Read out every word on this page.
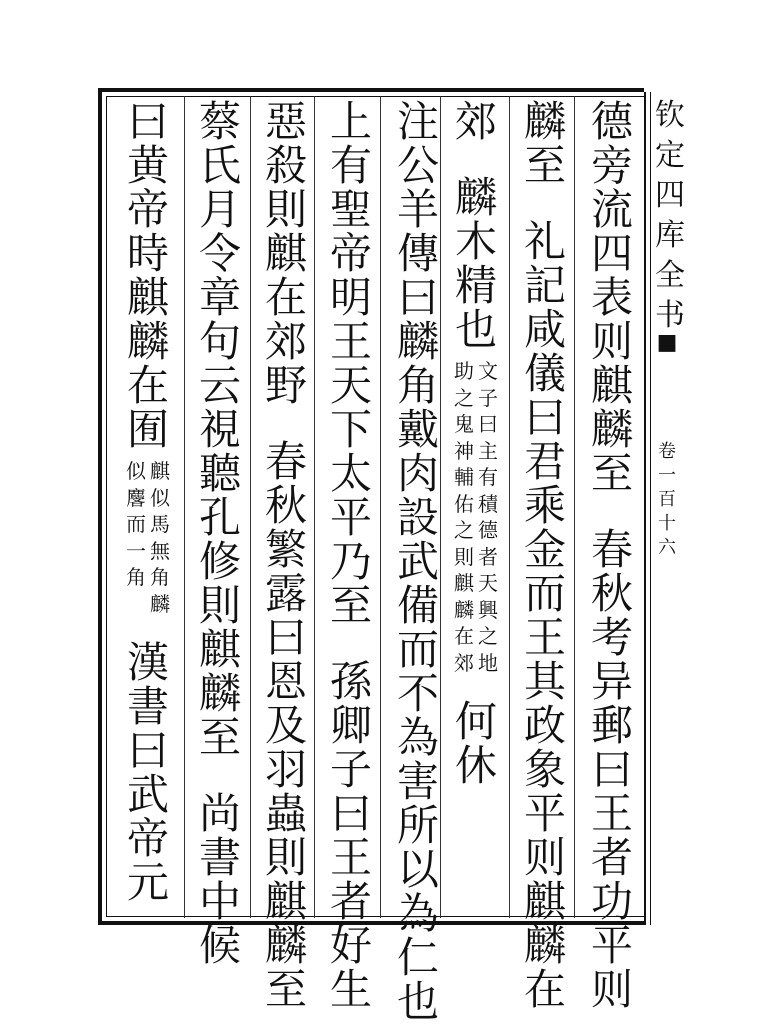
钦
定
四
库
全
书
■
卷
一
百
十
六
德
旁
流
四
表
则
麒
麟
至
春
秋
考
异
郵
曰
王
者
功
平
则
麟
至
礼
記
咸
儀
曰
君
乘
金
而
王
其
政
象
平
则
麒
麟
在
郊
麟
木
精
也
文
子
曰
主
有
積
德
者
天
興
之
地
助
之
鬼
神
輔
佑
之
則
麒
麟
在
郊
何
休
注
公
羊
傳
曰
麟
角
戴
肉
設
武
備
而
不
為
害
所
以
為
仁
也
上
有
聖
帝
明
王
天
下
太
平
乃
至
孫
卿
子
曰
王
者
好
生
惡
殺
則
麒
在
郊
野
春
秋
繁
露
曰
恩
及
羽
蟲
則
麒
麟
至
蔡
氏
月
令
章
句
云
視
聽
孔
修
則
麒
麟
至
尚
書
中
候
曰
黄
帝
時
麒
麟
在
囿
麒
似
馬
無
角
麟
似
麐
而
一
角
漢
書
曰
武
帝
元
